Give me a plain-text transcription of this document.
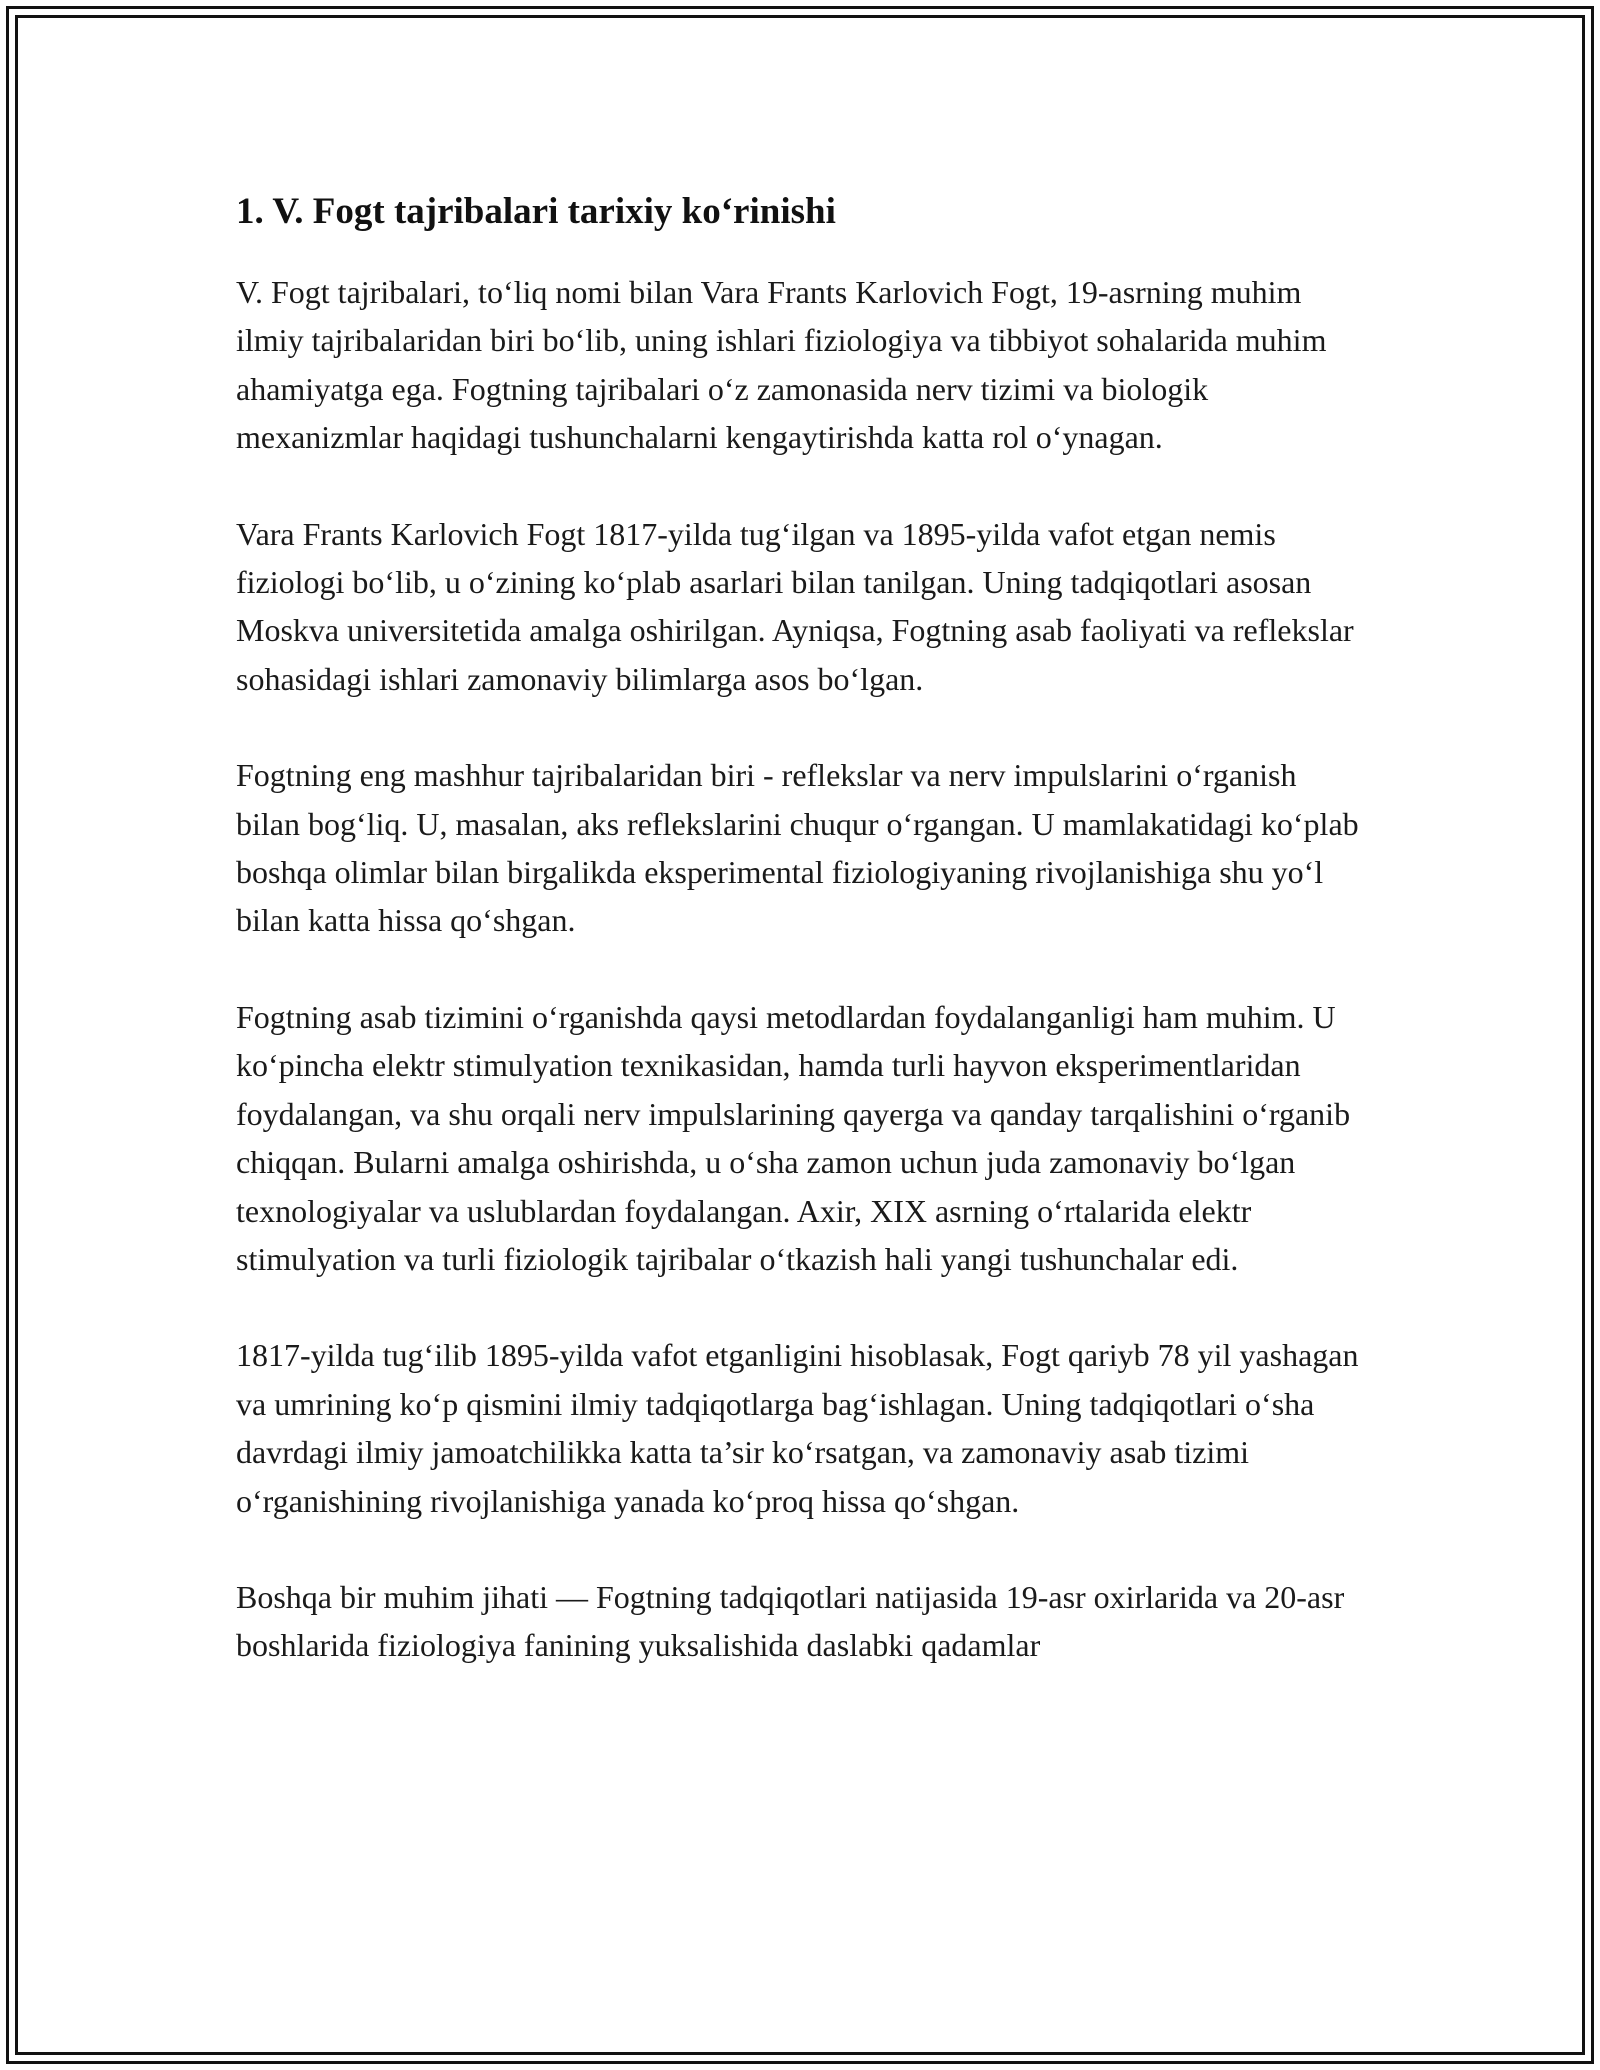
1. V. Fogt tajribalari tarixiy ko‘rinishi

V. Fogt tajribalari, to‘liq nomi bilan Vara Frants Karlovich Fogt, 19-asrning muhim ilmiy tajribalaridan biri bo‘lib, uning ishlari fiziologiya va tibbiyot sohalarida muhim ahamiyatga ega. Fogtning tajribalari o‘z zamonasida nerv tizimi va biologik mexanizmlar haqidagi tushunchalarni kengaytirishda katta rol o‘ynagan.

Vara Frants Karlovich Fogt 1817-yilda tug‘ilgan va 1895-yilda vafot etgan nemis fiziologi bo‘lib, u o‘zining ko‘plab asarlari bilan tanilgan. Uning tadqiqotlari asosan Moskva universitetida amalga oshirilgan. Ayniqsa, Fogtning asab faoliyati va reflekslar sohasidagi ishlari zamonaviy bilimlarga asos bo‘lgan.

Fogtning eng mashhur tajribalaridan biri - reflekslar va nerv impulslarini o‘rganish bilan bog‘liq. U, masalan, aks reflekslarini chuqur o‘rgangan. U mamlakatidagi ko‘plab boshqa olimlar bilan birgalikda eksperimental fiziologiyaning rivojlanishiga shu yo‘l bilan katta hissa qo‘shgan.

Fogtning asab tizimini o‘rganishda qaysi metodlardan foydalanganligi ham muhim. U ko‘pincha elektr stimulyation texnikasidan, hamda turli hayvon eksperimentlaridan foydalangan, va shu orqali nerv impulslarining qayerga va qanday tarqalishini o‘rganib chiqqan. Bularni amalga oshirishda, u o‘sha zamon uchun juda zamonaviy bo‘lgan texnologiyalar va uslublardan foydalangan. Axir, XIX asrning o‘rtalarida elektr stimulyation va turli fiziologik tajribalar o‘tkazish hali yangi tushunchalar edi.

1817-yilda tug‘ilib 1895-yilda vafot etganligini hisoblasak, Fogt qariyb 78 yil yashagan va umrining ko‘p qismini ilmiy tadqiqotlarga bag‘ishlagan. Uning tadqiqotlari o‘sha davrdagi ilmiy jamoatchilikka katta ta’sir ko‘rsatgan, va zamonaviy asab tizimi o‘rganishining rivojlanishiga yanada ko‘proq hissa qo‘shgan.

Boshqa bir muhim jihati — Fogtning tadqiqotlari natijasida 19-asr oxirlarida va 20-asr boshlarida fiziologiya fanining yuksalishida daslabki qadamlar
